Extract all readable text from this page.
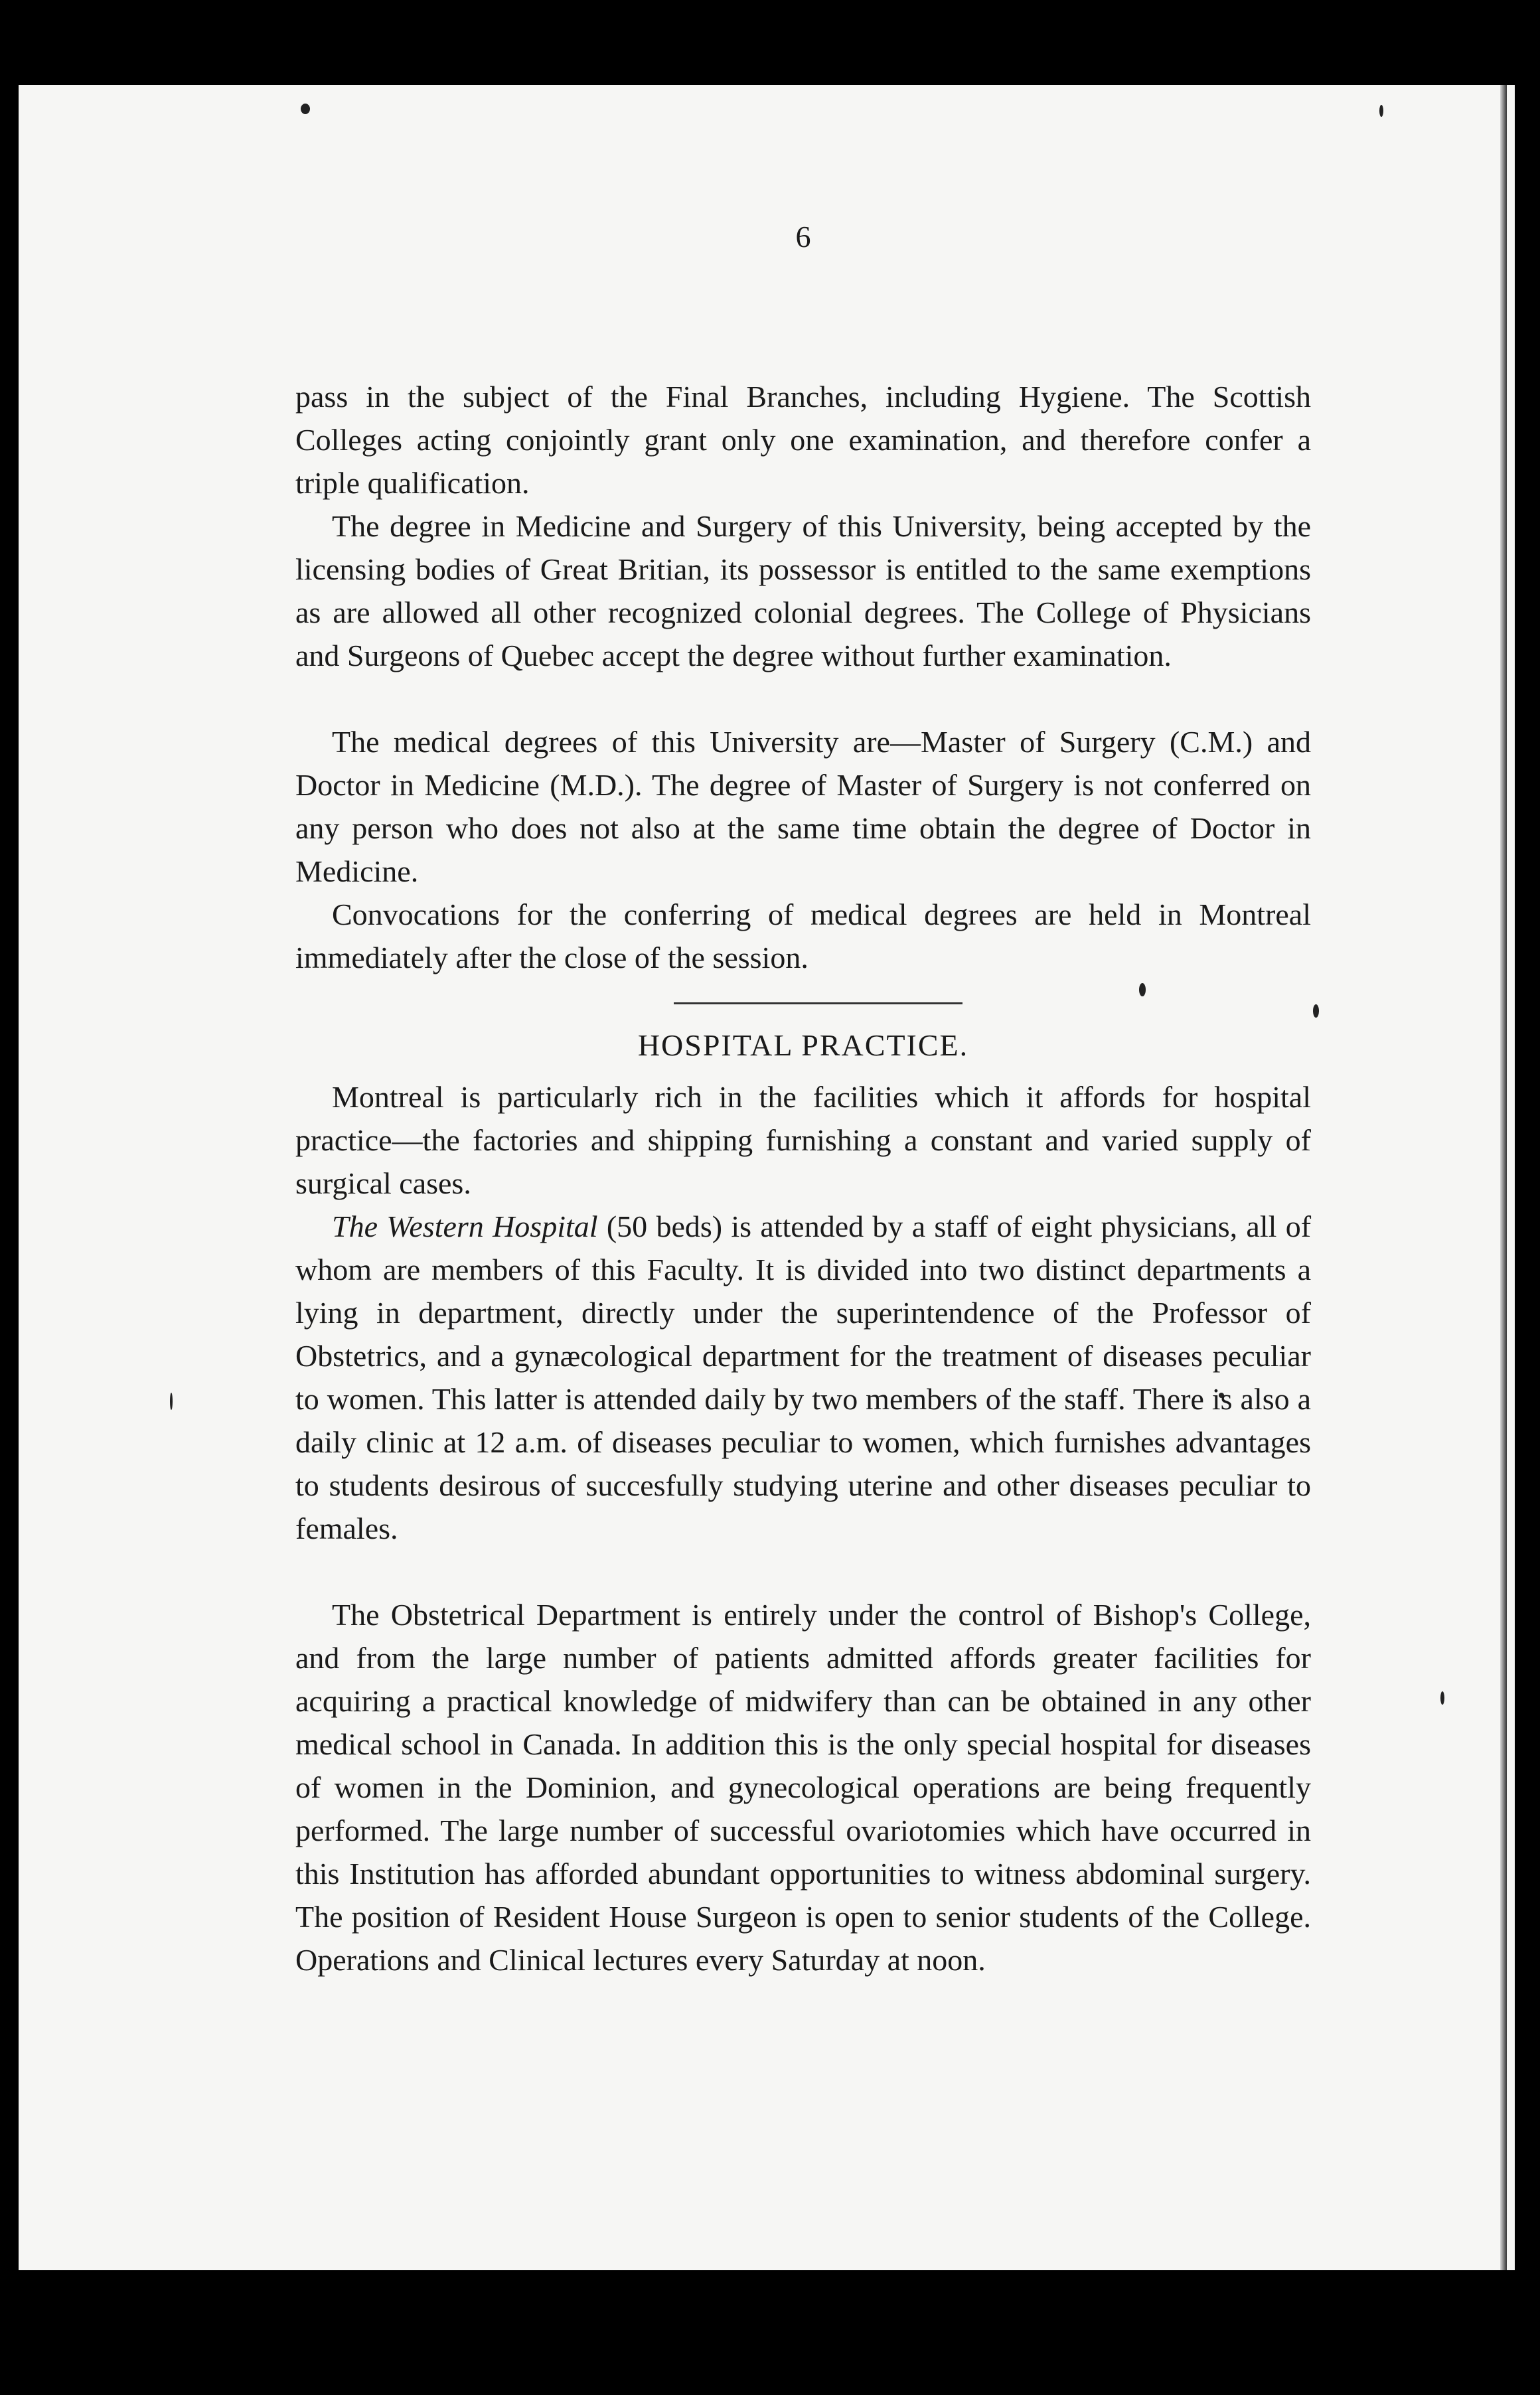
6

pass in the subject of the Final Branches, including Hygiene. The Scottish Colleges acting conjointly grant only one examination, and therefore confer a triple qualification.

The degree in Medicine and Surgery of this University, being accepted by the licensing bodies of Great Britian, its possessor is entitled to the same exemptions as are allowed all other recognized colonial degrees. The College of Physicians and Surgeons of Quebec accept the degree without further examination.

The medical degrees of this University are—Master of Surgery (C.M.) and Doctor in Medicine (M.D.). The degree of Master of Surgery is not conferred on any person who does not also at the same time obtain the degree of Doctor in Medicine.

Convocations for the conferring of medical degrees are held in Montreal immediately after the close of the session.

HOSPITAL PRACTICE.

Montreal is particularly rich in the facilities which it affords for hospital practice—the factories and shipping furnishing a constant and varied supply of surgical cases.

The Western Hospital (50 beds) is attended by a staff of eight physicians, all of whom are members of this Faculty. It is divided into two distinct departments a lying in department, directly under the superintendence of the Professor of Obstetrics, and a gynæcological department for the treatment of diseases peculiar to women. This latter is attended daily by two members of the staff. There is also a daily clinic at 12 a.m. of diseases peculiar to women, which furnishes advantages to students desirous of succesfully studying uterine and other diseases peculiar to females.

The Obstetrical Department is entirely under the control of Bishop's College, and from the large number of patients admitted affords greater facilities for acquiring a practical knowledge of midwifery than can be obtained in any other medical school in Canada. In addition this is the only special hospital for diseases of women in the Dominion, and gynecological operations are being frequently performed. The large number of successful ovariotomies which have occurred in this Institution has afforded abundant opportunities to witness abdominal surgery. The position of Resident House Surgeon is open to senior students of the College. Operations and Clinical lectures every Saturday at noon.
